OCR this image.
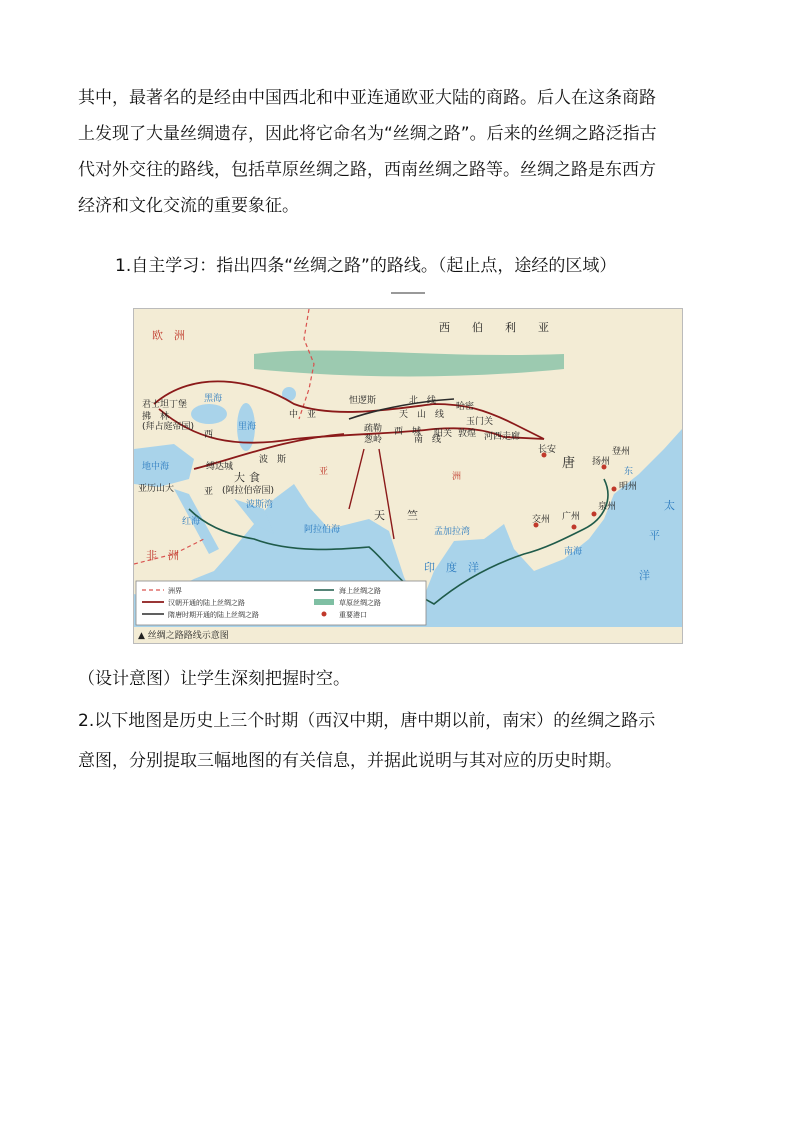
其中，最著名的是经由中国西北和中亚连通欧亚大陆的商路。后人在这条商路
上发现了大量丝绸遗存，因此将它命名为“丝绸之路”。后来的丝绸之路泛指古
代对外交往的路线，包括草原丝绸之路，西南丝绸之路等。丝绸之路是东西方
经济和文化交流的重要象征。
1.自主学习：指出四条“丝绸之路”的路线。（起止点，途经的区域）
欧　洲
西　　伯　　利　　亚
中　亚
西
波　斯
亚	洲
大 食
(阿拉伯帝国)
亚
天　　竺
唐
非　洲
西　城
天　山　线
北　线
南　线
君士坦丁堡
拂　林
(拜占庭帝国)
缚达城
亚历山大
怛逻斯
哈密
玉门关
阳关 敦煌
疏勒
葱岭
长安
扬州
登州
明州
泉州
广州
交州
地中海
黑海
里海
红海
波斯湾
阿拉伯海	孟加拉湾
印　度　洋
南海
东
太
平
洋
河西走廊
洲界
汉朝开通的陆上丝绸之路
隋唐时期开通的陆上丝绸之路
海上丝绸之路
草原丝绸之路
重要港口
▲ 丝绸之路路线示意图
（设计意图）让学生深刻把握时空。
2.以下地图是历史上三个时期（西汉中期，唐中期以前，南宋）的丝绸之路示
意图，分别提取三幅地图的有关信息，并据此说明与其对应的历史时期。
